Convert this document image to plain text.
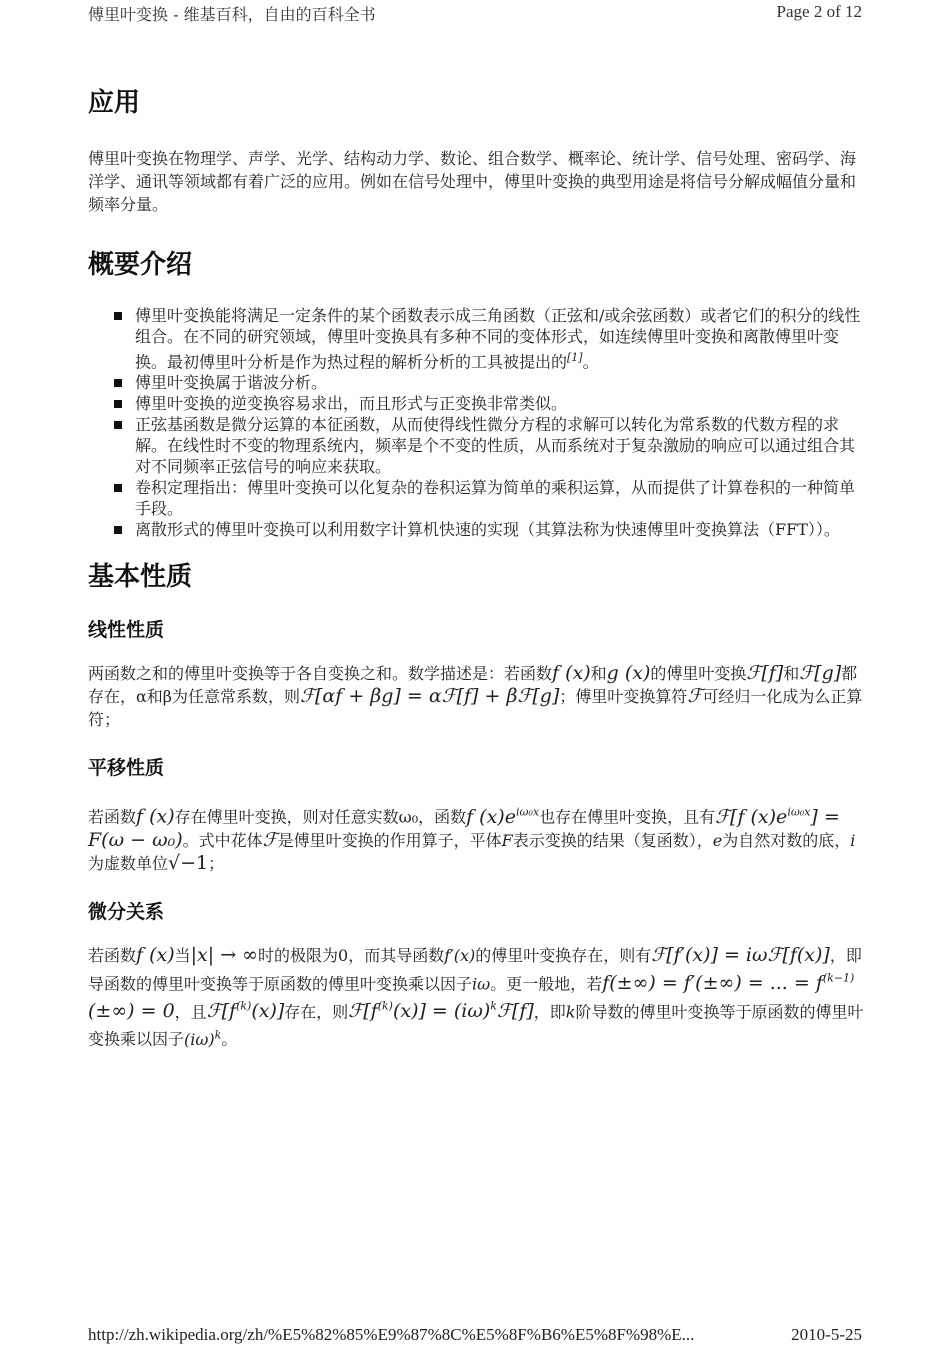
傅里叶变换 - 维基百科，自由的百科全书	Page 2 of 12
应用

傅里叶变换在物理学、声学、光学、结构动力学、数论、组合数学、概率论、统计学、信号处理、密码学、海洋学、通讯等领域都有着广泛的应用。例如在信号处理中，傅里叶变换的典型用途是将信号分解成幅值分量和频率分量。

概要介绍
傅里叶变换能将满足一定条件的某个函数表示成三角函数（正弦和/或余弦函数）或者它们的积分的线性组合。在不同的研究领域，傅里叶变换具有多种不同的变体形式，如连续傅里叶变换和离散傅里叶变换。最初傅里叶分析是作为热过程的解析分析的工具被提出的[1]。
傅里叶变换属于谐波分析。
傅里叶变换的逆变换容易求出，而且形式与正变换非常类似。
正弦基函数是微分运算的本征函数，从而使得线性微分方程的求解可以转化为常系数的代数方程的求解。在线性时不变的物理系统内，频率是个不变的性质，从而系统对于复杂激励的响应可以通过组合其对不同频率正弦信号的响应来获取。
卷积定理指出：傅里叶变换可以化复杂的卷积运算为简单的乘积运算，从而提供了计算卷积的一种简单手段。
离散形式的傅里叶变换可以利用数字计算机快速的实现（其算法称为快速傅里叶变换算法（FFT））。
基本性质
线性性质

两函数之和的傅里叶变换等于各自变换之和。数学描述是：若函数f (x)和g (x)的傅里叶变换ℱ[f]和ℱ[g]都存在，α和β为任意常系数，则ℱ[αf + βg] = αℱ[f] + βℱ[g]；傅里叶变换算符ℱ可经归一化成为么正算符；

平移性质

若函数f (x)存在傅里叶变换，则对任意实数ω₀，函数f $(x)e^{i\omega_0x}$也存在傅里叶变换，且有ℱ[f $(x)e^{i\omega_0x}] = F(\omega - \omega_0)$。式中花体ℱ是傅里叶变换的作用算子，平体F表示变换的结果（复函数），e为自然对数的底，i为虚数单位√−1；

微分关系

若函数f (x)当|x| → ∞时的极限为0，而其导函数f′(x)的傅里叶变换存在，则有ℱ[f′(x)] = iωℱ[f(x)]，即导函数的傅里叶变换等于原函数的傅里叶变换乘以因子iω。更一般地，若f(±∞) = f′(±∞) = ... = $f^{(k-1)}(\pm\infty) = 0$，且$ℱ[f^{(k)}(x)]$存在，则$ℱ[f^{(k)}(x)]$ = $(i\omega)^kℱ[f]$，即k阶导数的傅里叶变换等于原函数的傅里叶变换乘以因子$(i\omega)^k$。

http://zh.wikipedia.org/zh/%E5%82%85%E9%87%8C%E5%8F%B6%E5%8F%98%E...	2010-5-25
